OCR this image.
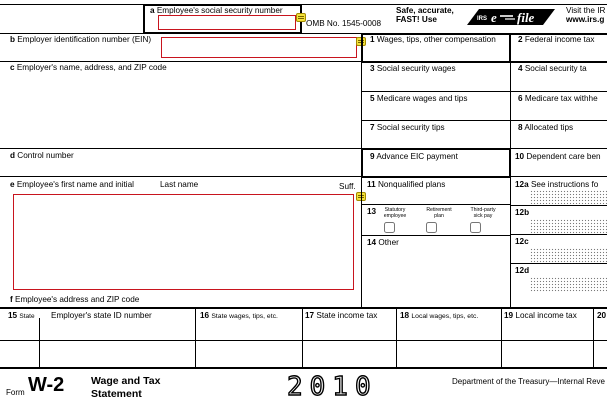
a Employee's social security number
OMB No. 1545-0008
Safe, accurate,
FAST! Use	IRS e file	Visit the IR
www.irs.g
b Employer identification number (EIN)
c Employer's name, address, and ZIP code
d Control number
e Employee's first name and initial	Last name	Suff.
f Employee's address and ZIP code
1 Wages, tips, other compensation	2 Federal income tax
3 Social security wages	4 Social security ta
5 Medicare wages and tips	6 Medicare tax withhe
7 Social security tips	8 Allocated tips
9 Advance EIC payment	10 Dependent care ben
11 Nonqualified plans	12a See instructions fo
13	Statutory
employee
Retirement
plan
Third-party
sick pay
14 Other
12b
12c
12d
15 State Employer's state ID number	16 State wages, tips, etc.	17 State income tax	18 Local wages, tips, etc.	19 Local income tax 20
Form W-2	Wage and Tax
Statement	2010	Department of the Treasury—Internal Reve
